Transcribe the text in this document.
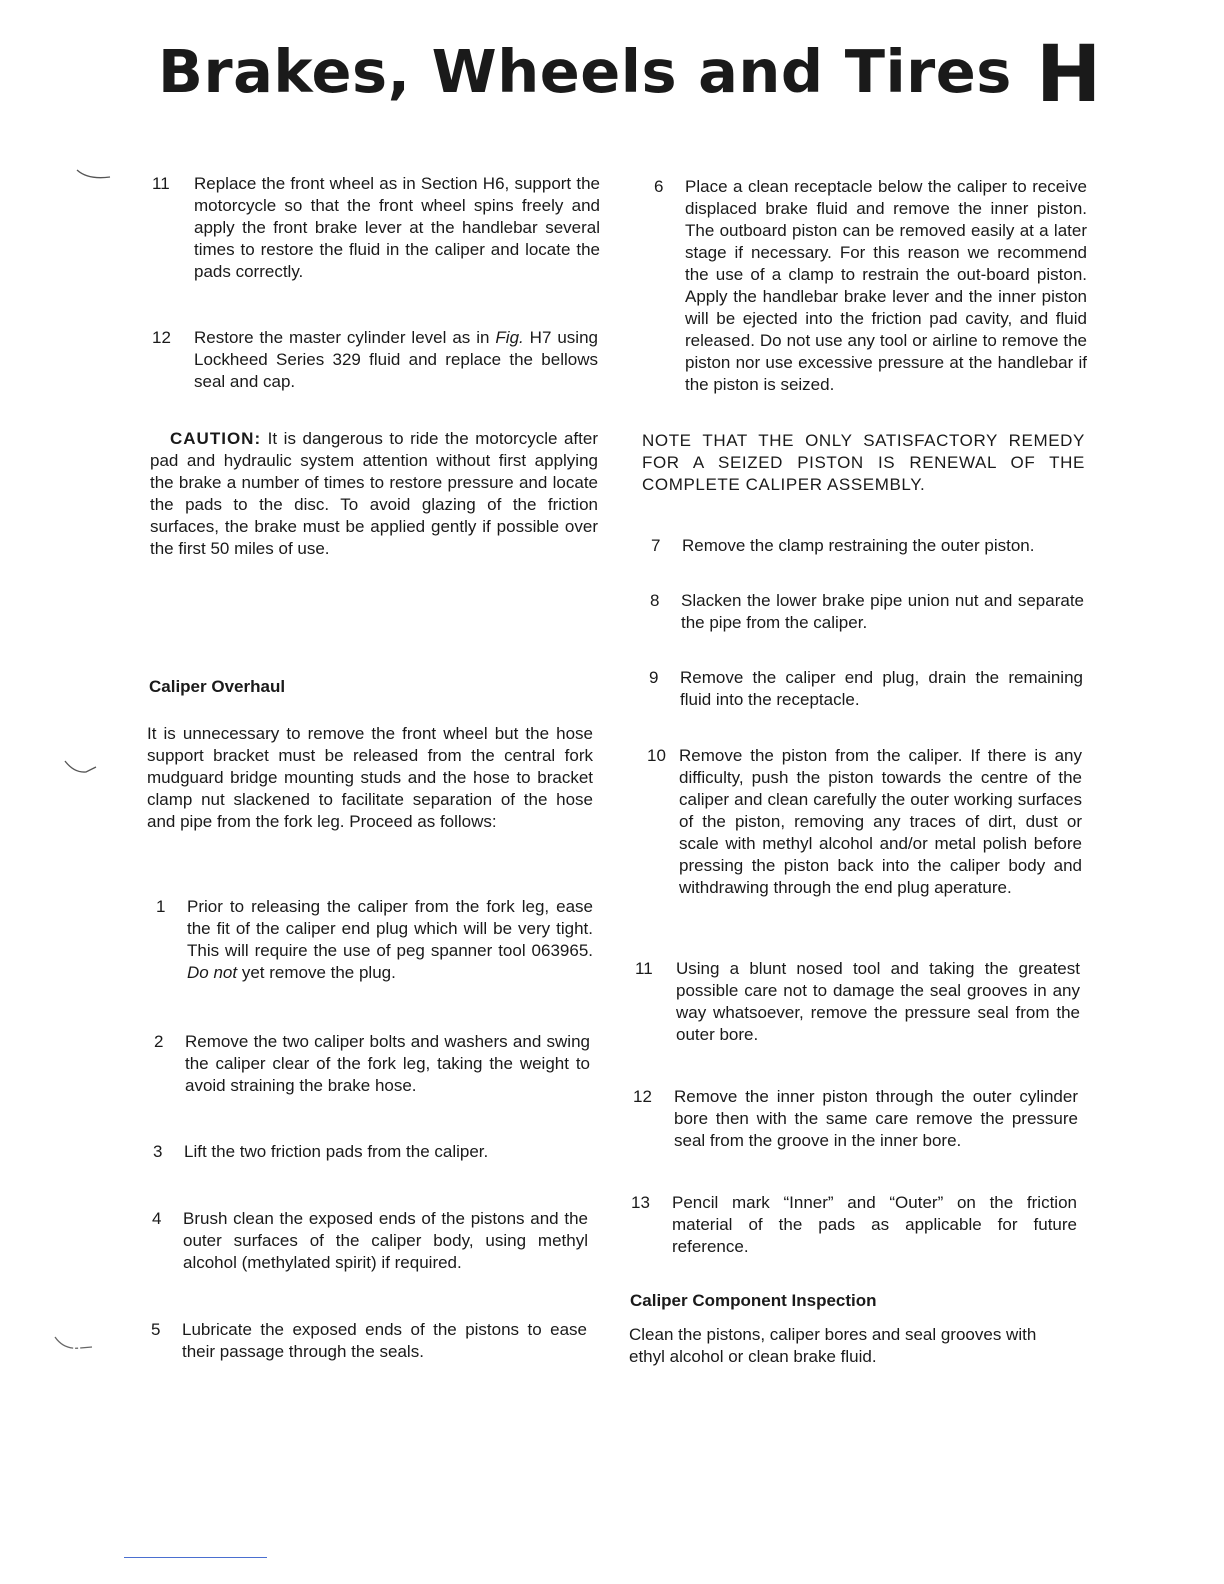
Brakes, Wheels and Tires H
11 Replace the front wheel as in Section H6, support the motorcycle so that the front wheel spins freely and apply the front brake lever at the handlebar several times to restore the fluid in the caliper and locate the pads correctly.
12 Restore the master cylinder level as in Fig. H7 using Lockheed Series 329 fluid and replace the bellows seal and cap.

CAUTION: It is dangerous to ride the motorcycle after pad and hydraulic system attention without first applying the brake a number of times to restore pressure and locate the pads to the disc. To avoid glazing of the friction surfaces, the brake must be applied gently if possible over the first 50 miles of use.

Caliper Overhaul

It is unnecessary to remove the front wheel but the hose support bracket must be released from the central fork mudguard bridge mounting studs and the hose to bracket clamp nut slackened to facilitate separation of the hose and pipe from the fork leg. Proceed as follows:

1 Prior to releasing the caliper from the fork leg, ease the fit of the caliper end plug which will be very tight. This will require the use of peg spanner tool 063965. Do not yet remove the plug.
2 Remove the two caliper bolts and washers and swing the caliper clear of the fork leg, taking the weight to avoid straining the brake hose.
3 Lift the two friction pads from the caliper.
4 Brush clean the exposed ends of the pistons and the outer surfaces of the caliper body, using methyl alcohol (methylated spirit) if required.
5 Lubricate the exposed ends of the pistons to ease their passage through the seals.
6 Place a clean receptacle below the caliper to receive displaced brake fluid and remove the inner piston. The outboard piston can be removed easily at a later stage if necessary. For this reason we recommend the use of a clamp to restrain the out-board piston. Apply the handlebar brake lever and the inner piston will be ejected into the friction pad cavity, and fluid released. Do not use any tool or airline to remove the piston nor use excessive pressure at the handlebar if the piston is seized.

NOTE THAT THE ONLY SATISFACTORY REMEDY FOR A SEIZED PISTON IS RENEWAL OF THE COMPLETE CALIPER ASSEMBLY.

7 Remove the clamp restraining the outer piston.
8 Slacken the lower brake pipe union nut and separate the pipe from the caliper.
9 Remove the caliper end plug, drain the remaining fluid into the receptacle.
10 Remove the piston from the caliper. If there is any difficulty, push the piston towards the centre of the caliper and clean carefully the outer working surfaces of the piston, removing any traces of dirt, dust or scale with methyl alcohol and/or metal polish before pressing the piston back into the caliper body and withdrawing through the end plug aperature.
11 Using a blunt nosed tool and taking the greatest possible care not to damage the seal grooves in any way whatsoever, remove the pressure seal from the outer bore.
12 Remove the inner piston through the outer cylinder bore then with the same care remove the pressure seal from the groove in the inner bore.
13 Pencil mark “Inner” and “Outer” on the friction material of the pads as applicable for future reference.
Caliper Component Inspection

Clean the pistons, caliper bores and seal grooves with ethyl alcohol or clean brake fluid.
